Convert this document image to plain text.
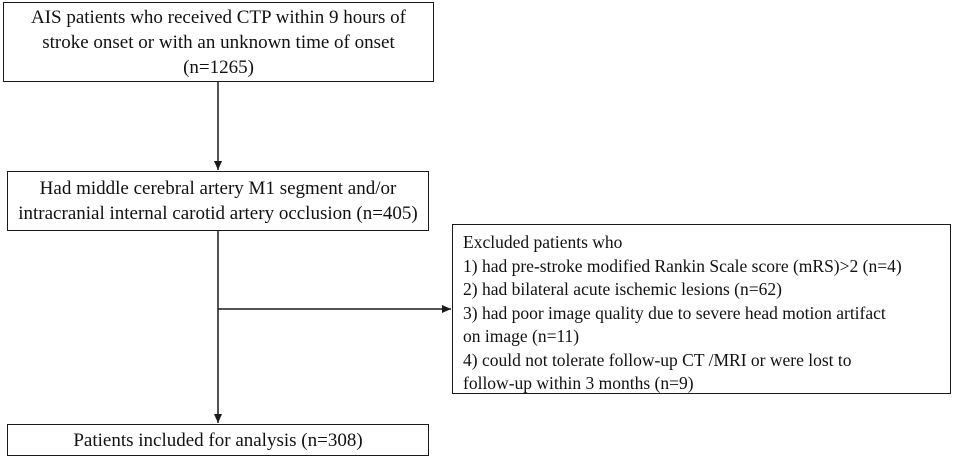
AIS patients who received CTP within 9 hours of
stroke onset or with an unknown time of onset
(n=1265)
Had middle cerebral artery M1 segment and/or
intracranial internal carotid artery occlusion (n=405)
Excluded patients who
1) had pre-stroke modified Rankin Scale score (mRS)>2 (n=4)
2) had bilateral acute ischemic lesions (n=62)
3) had poor image quality due to severe head motion artifact
on image (n=11)
4) could not tolerate follow-up CT /MRI or were lost to
follow-up within 3 months (n=9)
Patients included for analysis (n=308)
